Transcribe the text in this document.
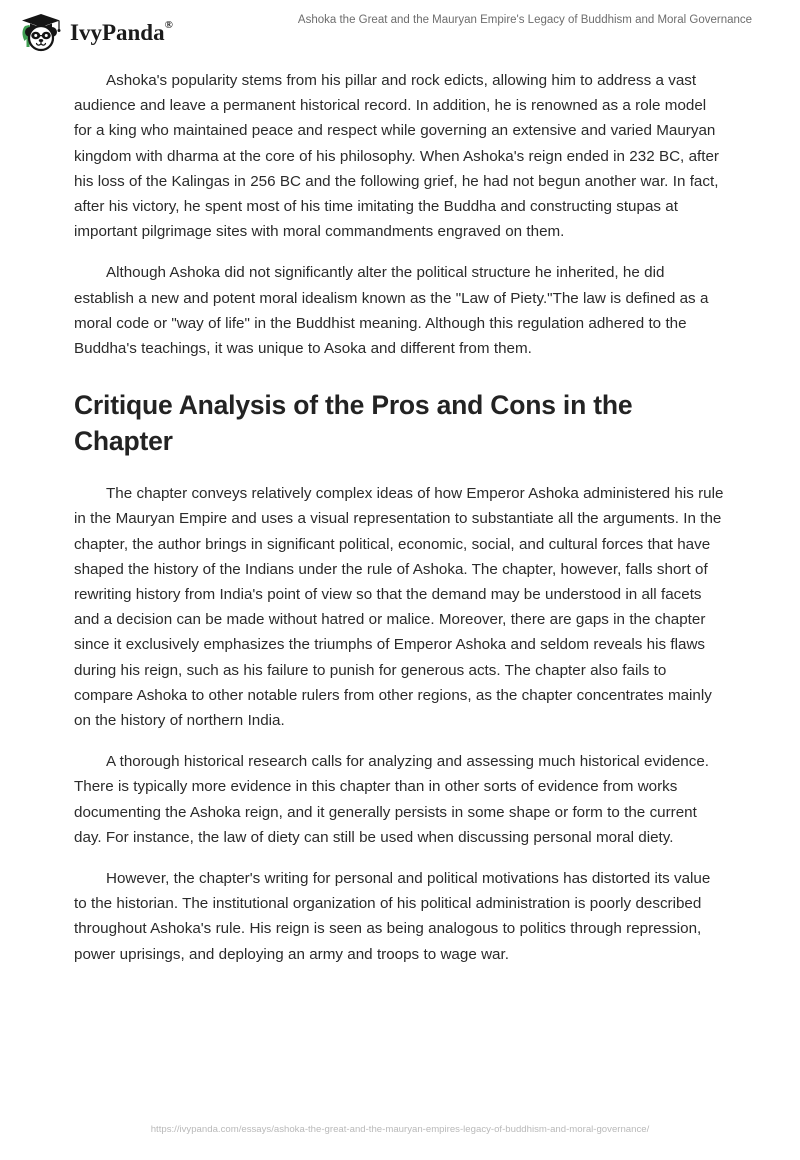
IvyPanda®	Ashoka the Great and the Mauryan Empire's Legacy of Buddhism and Moral Governance

Ashoka's popularity stems from his pillar and rock edicts, allowing him to address a vast audience and leave a permanent historical record. In addition, he is renowned as a role model for a king who maintained peace and respect while governing an extensive and varied Mauryan kingdom with dharma at the core of his philosophy. When Ashoka's reign ended in 232 BC, after his loss of the Kalingas in 256 BC and the following grief, he had not begun another war. In fact, after his victory, he spent most of his time imitating the Buddha and constructing stupas at important pilgrimage sites with moral commandments engraved on them.

Although Ashoka did not significantly alter the political structure he inherited, he did establish a new and potent moral idealism known as the "Law of Piety."The law is defined as a moral code or "way of life" in the Buddhist meaning. Although this regulation adhered to the Buddha's teachings, it was unique to Asoka and different from them.

Critique Analysis of the Pros and Cons in the Chapter

The chapter conveys relatively complex ideas of how Emperor Ashoka administered his rule in the Mauryan Empire and uses a visual representation to substantiate all the arguments. In the chapter, the author brings in significant political, economic, social, and cultural forces that have shaped the history of the Indians under the rule of Ashoka. The chapter, however, falls short of rewriting history from India's point of view so that the demand may be understood in all facets and a decision can be made without hatred or malice. Moreover, there are gaps in the chapter since it exclusively emphasizes the triumphs of Emperor Ashoka and seldom reveals his flaws during his reign, such as his failure to punish for generous acts. The chapter also fails to compare Ashoka to other notable rulers from other regions, as the chapter concentrates mainly on the history of northern India.

A thorough historical research calls for analyzing and assessing much historical evidence. There is typically more evidence in this chapter than in other sorts of evidence from works documenting the Ashoka reign, and it generally persists in some shape or form to the current day. For instance, the law of diety can still be used when discussing personal moral diety.

However, the chapter's writing for personal and political motivations has distorted its value to the historian. The institutional organization of his political administration is poorly described throughout Ashoka's rule. His reign is seen as being analogous to politics through repression, power uprisings, and deploying an army and troops to wage war.

https://ivypanda.com/essays/ashoka-the-great-and-the-mauryan-empires-legacy-of-buddhism-and-moral-governance/
